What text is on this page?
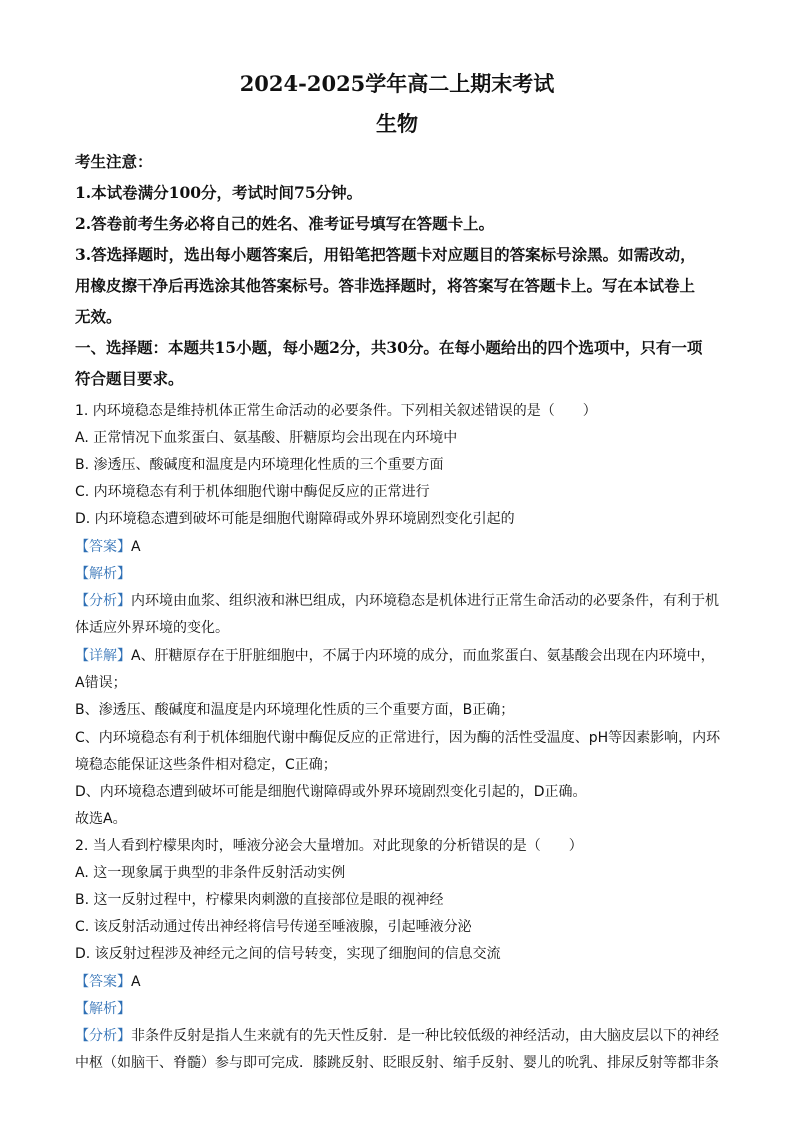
2024-2025学年高二上期末考试
生物
考生注意：
1.本试卷满分100分，考试时间75分钟。
2.答卷前考生务必将自己的姓名、准考证号填写在答题卡上。
3.答选择题时，选出每小题答案后，用铅笔把答题卡对应题目的答案标号涂黑。如需改动，
用橡皮擦干净后再选涂其他答案标号。答非选择题时，将答案写在答题卡上。写在本试卷上
无效。
一、选择题：本题共15小题，每小题2分，共30分。在每小题给出的四个选项中，只有一项
符合题目要求。
1. 内环境稳态是维持机体正常生命活动的必要条件。下列相关叙述错误的是（　　）
A. 正常情况下血浆蛋白、氨基酸、肝糖原均会出现在内环境中
B. 渗透压、酸碱度和温度是内环境理化性质的三个重要方面
C. 内环境稳态有利于机体细胞代谢中酶促反应的正常进行
D. 内环境稳态遭到破坏可能是细胞代谢障碍或外界环境剧烈变化引起的
【答案】A
【解析】
【分析】内环境由血浆、组织液和淋巴组成，内环境稳态是机体进行正常生命活动的必要条件，有利于机
体适应外界环境的变化。
【详解】A、肝糖原存在于肝脏细胞中，不属于内环境的成分，而血浆蛋白、氨基酸会出现在内环境中，
A错误；
B、渗透压、酸碱度和温度是内环境理化性质的三个重要方面，B正确；
C、内环境稳态有利于机体细胞代谢中酶促反应的正常进行，因为酶的活性受温度、pH等因素影响，内环
境稳态能保证这些条件相对稳定，C正确；
D、内环境稳态遭到破坏可能是细胞代谢障碍或外界环境剧烈变化引起的，D正确。
故选A。
2. 当人看到柠檬果肉时，唾液分泌会大量增加。对此现象的分析错误的是（　　）
A. 这一现象属于典型的非条件反射活动实例
B. 这一反射过程中，柠檬果肉刺激的直接部位是眼的视神经
C. 该反射活动通过传出神经将信号传递至唾液腺，引起唾液分泌
D. 该反射过程涉及神经元之间的信号转变，实现了细胞间的信息交流
【答案】A
【解析】
【分析】非条件反射是指人生来就有的先天性反射．是一种比较低级的神经活动，由大脑皮层以下的神经
中枢（如脑干、脊髓）参与即可完成．膝跳反射、眨眼反射、缩手反射、婴儿的吮乳、排尿反射等都非条
